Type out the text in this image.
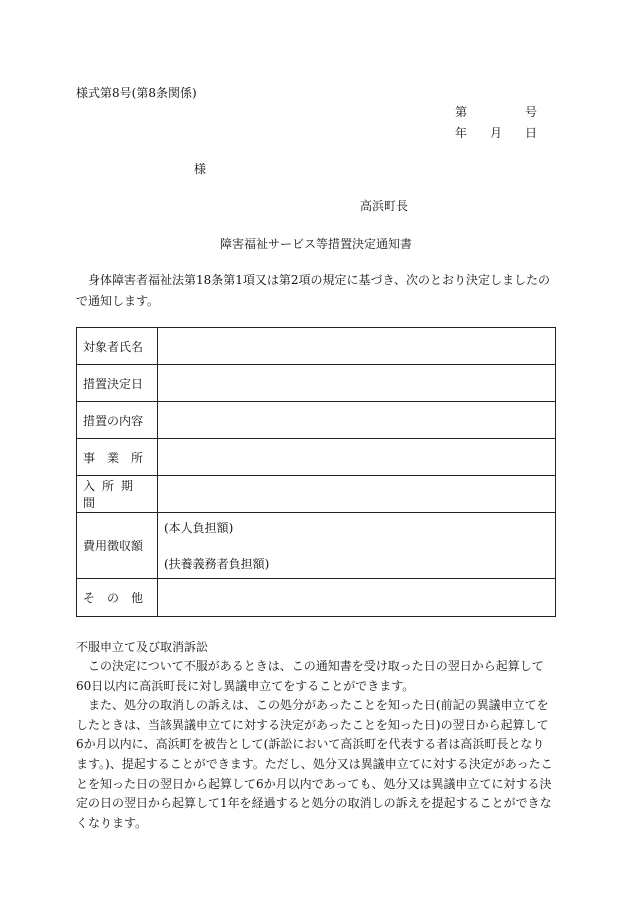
様式第8号(第8条関係)
第	号
年 月 日
様
高浜町長
障害福祉サービス等措置決定通知書
身体障害者福祉法第18条第1項又は第2項の規定に基づき、次のとおり決定しましたので通知します。
対象者氏名	

措置決定日	

措置の内容	

事　業　所	

入所期間	

費用徴収額	(本人負担額)
(扶養義務者負担額)

そ　の　他	

不服申立て及び取消訴訟

この決定について不服があるときは、この通知書を受け取った日の翌日から起算して60日以内に高浜町長に対し異議申立てをすることができます。

また、処分の取消しの訴えは、この処分があったことを知った日(前記の異議申立てをしたときは、当該異議申立てに対する決定があったことを知った日)の翌日から起算して6か月以内に、高浜町を被告として(訴訟において高浜町を代表する者は高浜町長となります。)、提起することができます。ただし、処分又は異議申立てに対する決定があったことを知った日の翌日から起算して6か月以内であっても、処分又は異議申立てに対する決定の日の翌日から起算して1年を経過すると処分の取消しの訴えを提起することができなくなります。
